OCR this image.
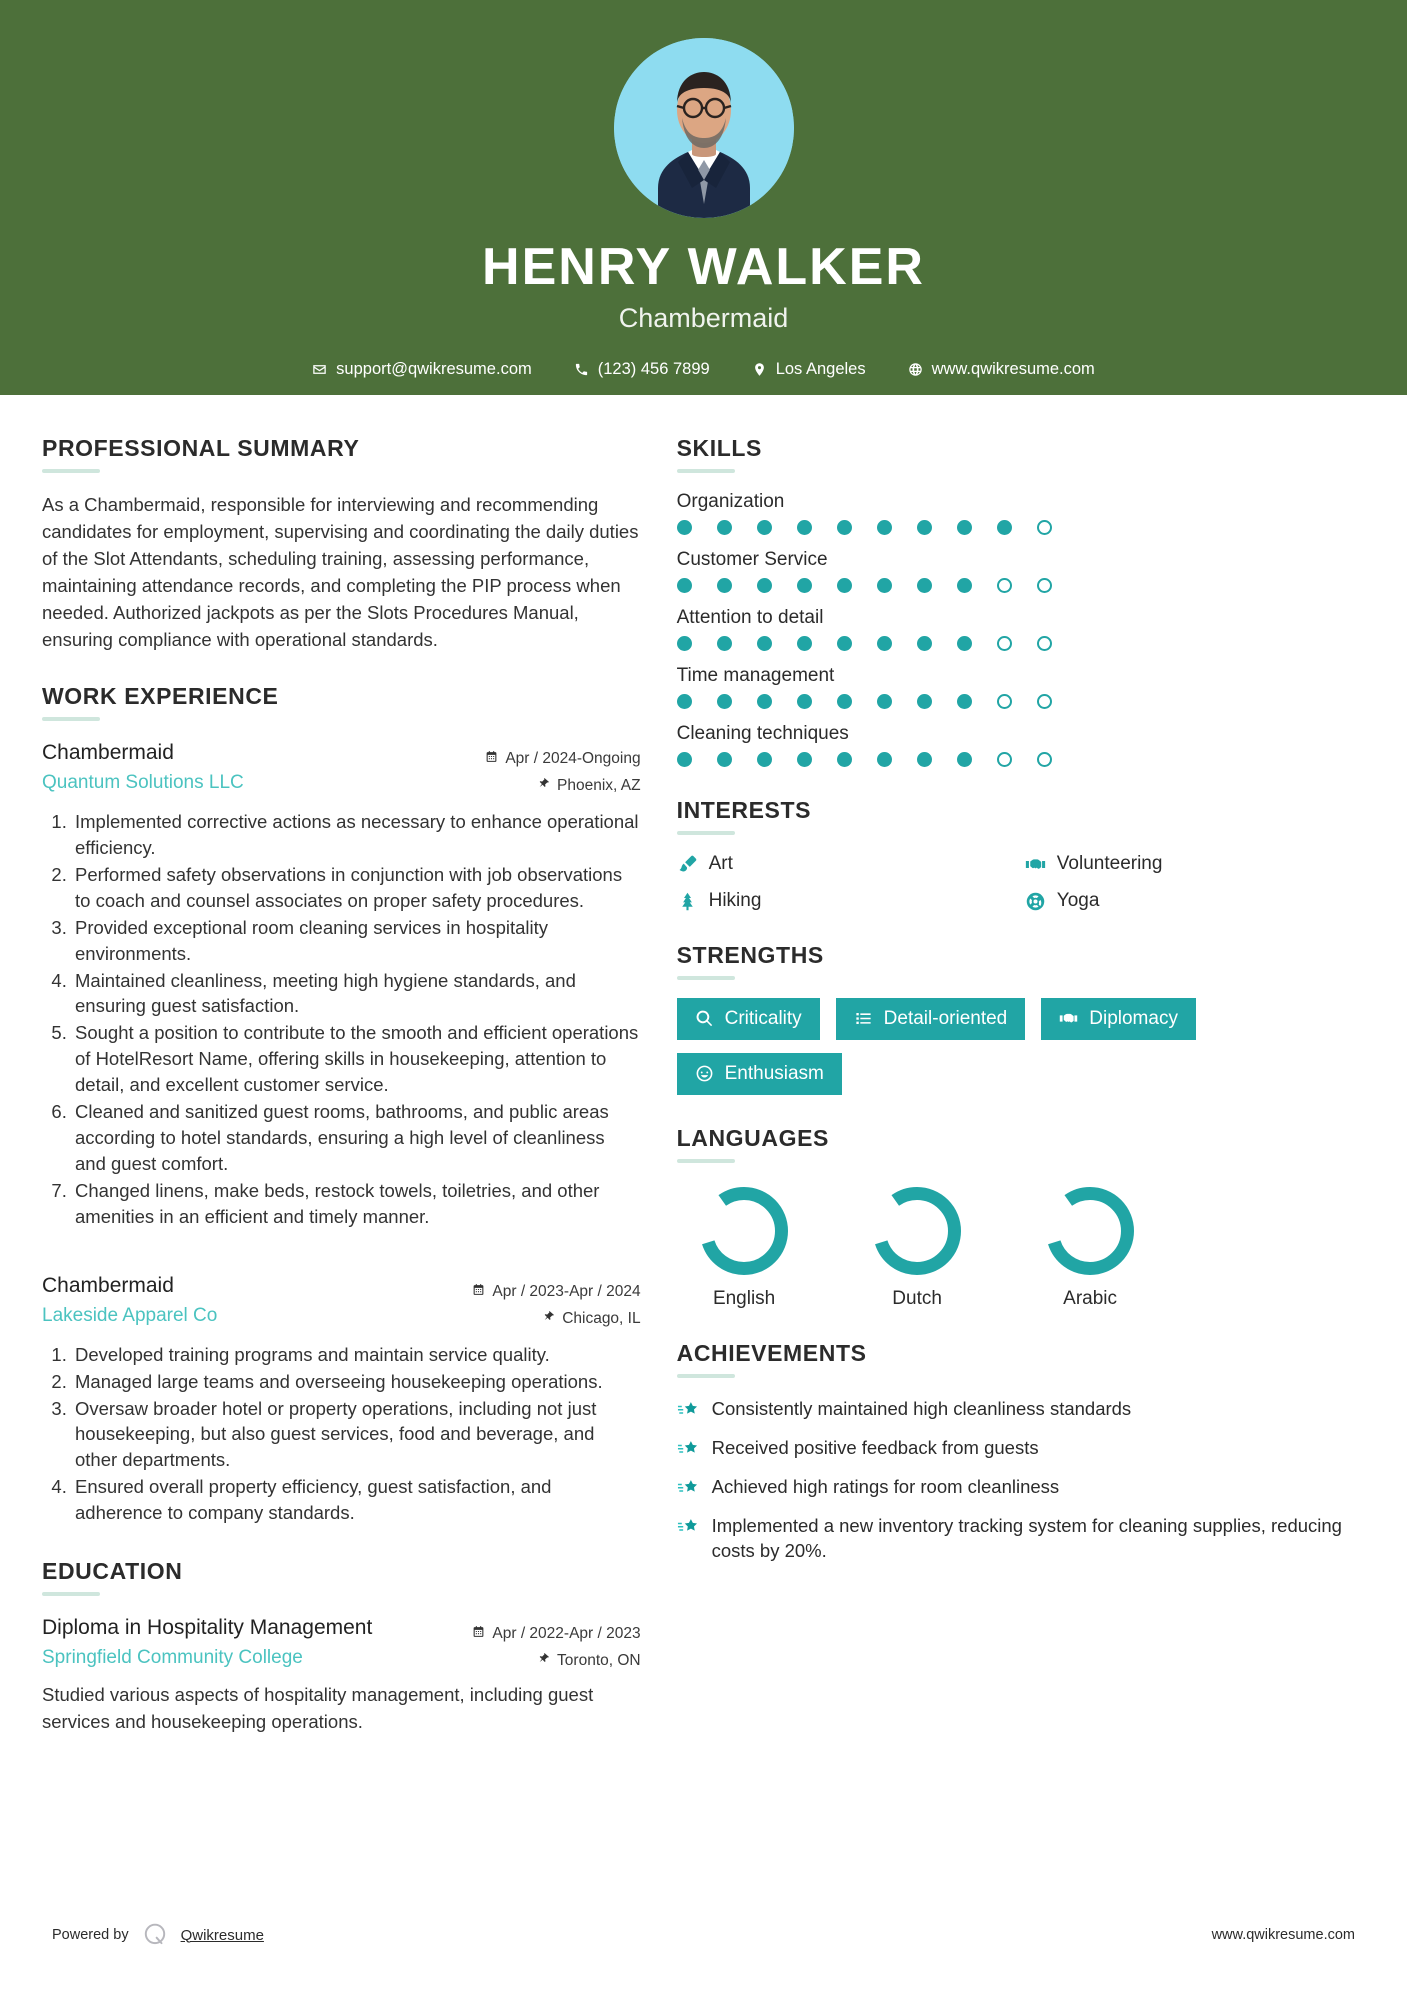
HENRY WALKER
Chambermaid
support@qwikresume.com	(123) 456 7899	Los Angeles	www.qwikresume.com
PROFESSIONAL SUMMARY
As a Chambermaid, responsible for interviewing and recommending candidates for employment, supervising and coordinating the daily duties of the Slot Attendants, scheduling training, assessing performance, maintaining attendance records, and completing the PIP process when needed. Authorized jackpots as per the Slots Procedures Manual, ensuring compliance with operational standards.
WORK EXPERIENCE
Chambermaid
Quantum Solutions LLC
Apr / 2024-Ongoing
Phoenix, AZ
1. Implemented corrective actions as necessary to enhance operational efficiency.
2. Performed safety observations in conjunction with job observations to coach and counsel associates on proper safety procedures.
3. Provided exceptional room cleaning services in hospitality environments.
4. Maintained cleanliness, meeting high hygiene standards, and ensuring guest satisfaction.
5. Sought a position to contribute to the smooth and efficient operations of HotelResort Name, offering skills in housekeeping, attention to detail, and excellent customer service.
6. Cleaned and sanitized guest rooms, bathrooms, and public areas according to hotel standards, ensuring a high level of cleanliness and guest comfort.
7. Changed linens, make beds, restock towels, toiletries, and other amenities in an efficient and timely manner.
Chambermaid
Lakeside Apparel Co
Apr / 2023-Apr / 2024
Chicago, IL
1. Developed training programs and maintain service quality.
2. Managed large teams and overseeing housekeeping operations.
3. Oversaw broader hotel or property operations, including not just housekeeping, but also guest services, food and beverage, and other departments.
4. Ensured overall property efficiency, guest satisfaction, and adherence to company standards.
EDUCATION
Diploma in Hospitality Management
Springfield Community College
Apr / 2022-Apr / 2023
Toronto, ON
Studied various aspects of hospitality management, including guest services and housekeeping operations.
SKILLS
Organization
Customer Service
Attention to detail
Time management
Cleaning techniques
INTERESTS
Art	Volunteering
Hiking	Yoga
STRENGTHS
Criticality	Detail-oriented	Diplomacy
Enthusiasm
LANGUAGES
English	Dutch	Arabic
ACHIEVEMENTS
Consistently maintained high cleanliness standards
Received positive feedback from guests
Achieved high ratings for room cleanliness
Implemented a new inventory tracking system for cleaning supplies, reducing costs by 20%.
Powered by	Qwikresume	www.qwikresume.com
